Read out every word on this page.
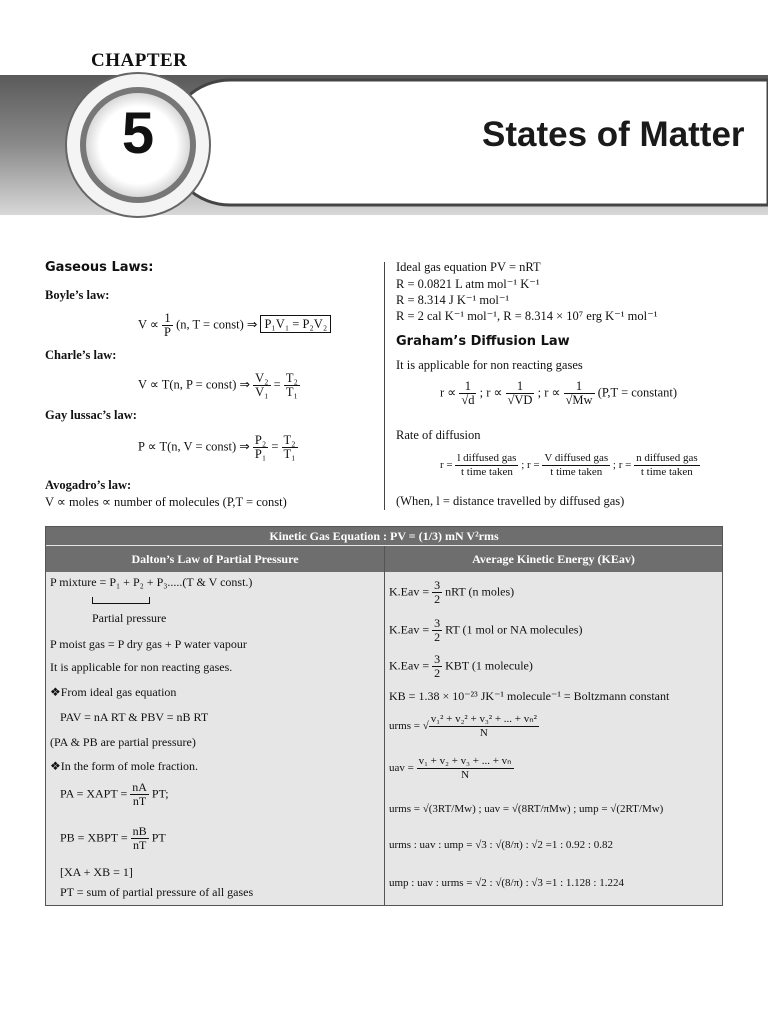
CHAPTER
5	States of Matter
Gaseous Laws:
Boyle’s law:
$V \propto \frac{1}{P} (n$, T = const) ⇒ P₁V₁ = P₂V₂
Charle’s law:
V ∝ T(n, P = const) ⇒ $\frac{\text{V₂}}{\text{V₁}} = \frac{\text{T₂}}{\text{T₁}}$
Gay lussac’s law:
P ∝ T(n, V = const) ⇒ $\frac{\text{P₂}}{\text{P₁}} = \frac{\text{T₂}}{\text{T₁}}$
Avogadro’s law:
V ∝ moles ∝ number of molecules (P,T = const)
Ideal gas equation PV = nRT
R = 0.0821 L atm mol⁻¹ K⁻¹
R = 8.314 J K⁻¹ mol⁻¹
R = 2 cal K⁻¹ mol⁻¹, R = 8.314 × 10⁷ erg K⁻¹ mol⁻¹
Graham’s Diffusion Law
It is applicable for non reacting gases
$r \propto \frac{1}{√d}$ ; $r \propto \frac{1}{√VD}$ ; $r \propto \frac{1}{√Mw} (P,T$ = constant)
Rate of diffusion
$r = \frac{\text{l diffused gas}}{\text{t time taken}}$ ; $r = \frac{\text{V diffused gas}}{\text{t time taken}}$ ; $r = \frac{\text{n diffused gas}}{\text{t time taken}}$
(When, l = distance travelled by diffused gas)
Kinetic Gas Equation : PV = (1/3) mN V²rms
Dalton’s Law of Partial Pressure	Average Kinetic Energy (KEav)
P mixture = P₁ + P₂ + P₃.....(T & V const.)
Partial pressure
P moist gas = P dry gas + P water vapour
It is applicable for non reacting gases.
❖From ideal gas equation
PAV = nA RT & PBV = nB RT
(PA & PB are partial pressure)
❖In the form of mole fraction.
PA = XAPT = $\frac{nA}{nT}$ PT;
PB = XBPT = $\frac{nB}{nT}$ PT
[XA + XB = 1]
PT = sum of partial pressure of all gases
$K.Eav = \frac{3}{2}$ nRT (n moles)
$K.Eav = \frac{3}{2}$ RT (1 mol or NA molecules)
$K.Eav = \frac{3}{2}$ KBT (1 molecule)
KB = 1.38 × 10⁻²³ JK⁻¹ molecule⁻¹ = Boltzmann constant
urms = √ $\frac{\text{v₁² + v₂² + v₃² + ... + vₙ²}}{N}$
uav = $\frac{\text{v₁ + v₂ + v₃ + ... + vₙ}}{N}$
urms = √(3RT/Mw) ; uav = √(8RT/πMw) ; ump = √(2RT/Mw)
urms : uav : ump = √3 : √(8/π) : √2 =1 : 0.92 : 0.82
ump : uav : urms = √2 : √(8/π) : √3 =1 : 1.128 : 1.224
